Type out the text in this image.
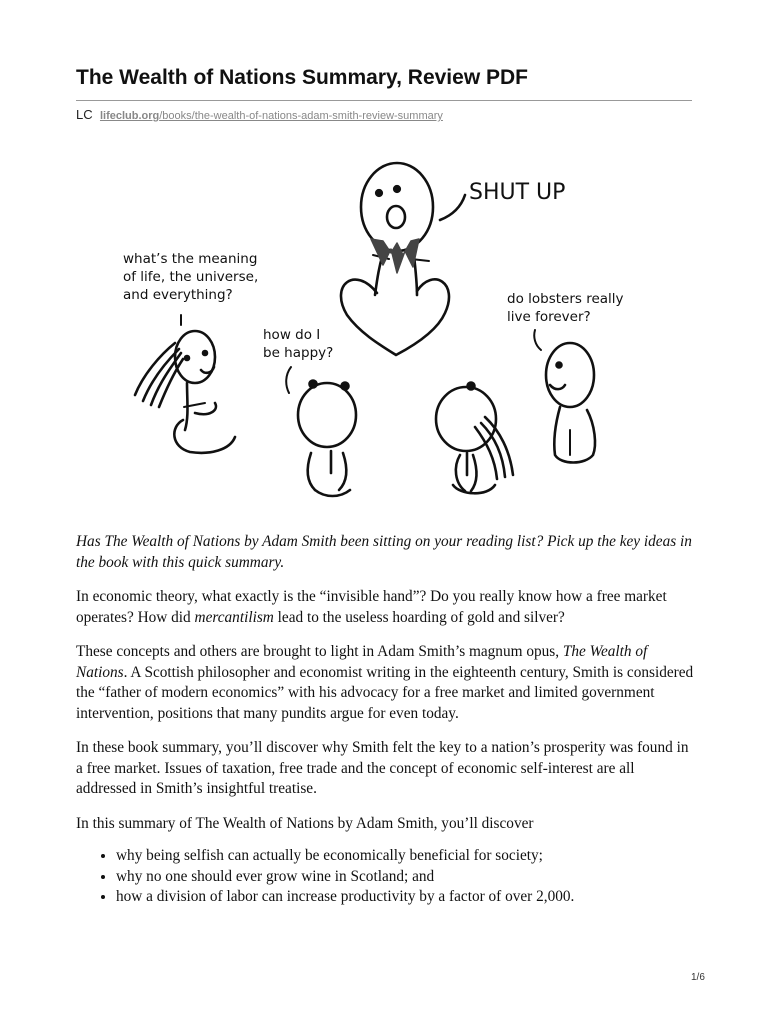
The Wealth of Nations Summary, Review PDF
LC lifeclub.org/books/the-wealth-of-nations-adam-smith-review-summary
SHUT UP
what’s the meaning
of life, the universe,
and everything?
how do I
be happy?
do lobsters really
live forever?

Has The Wealth of Nations by Adam Smith been sitting on your reading list? Pick up the key ideas in the book with this quick summary.

In economic theory, what exactly is the “invisible hand”? Do you really know how a free market operates? How did mercantilism lead to the useless hoarding of gold and silver?

These concepts and others are brought to light in Adam Smith’s magnum opus, The Wealth of Nations. A Scottish philosopher and economist writing in the eighteenth century, Smith is considered the “father of modern economics” with his advocacy for a free market and limited government intervention, positions that many pundits argue for even today.

In these book summary, you’ll discover why Smith felt the key to a nation’s prosperity was found in a free market. Issues of taxation, free trade and the concept of economic self-interest are all addressed in Smith’s insightful treatise.

In this summary of The Wealth of Nations by Adam Smith, you’ll discover

• why being selfish can actually be economically beneficial for society;
• why no one should ever grow wine in Scotland; and
• how a division of labor can increase productivity by a factor of over 2,000.
1/6
